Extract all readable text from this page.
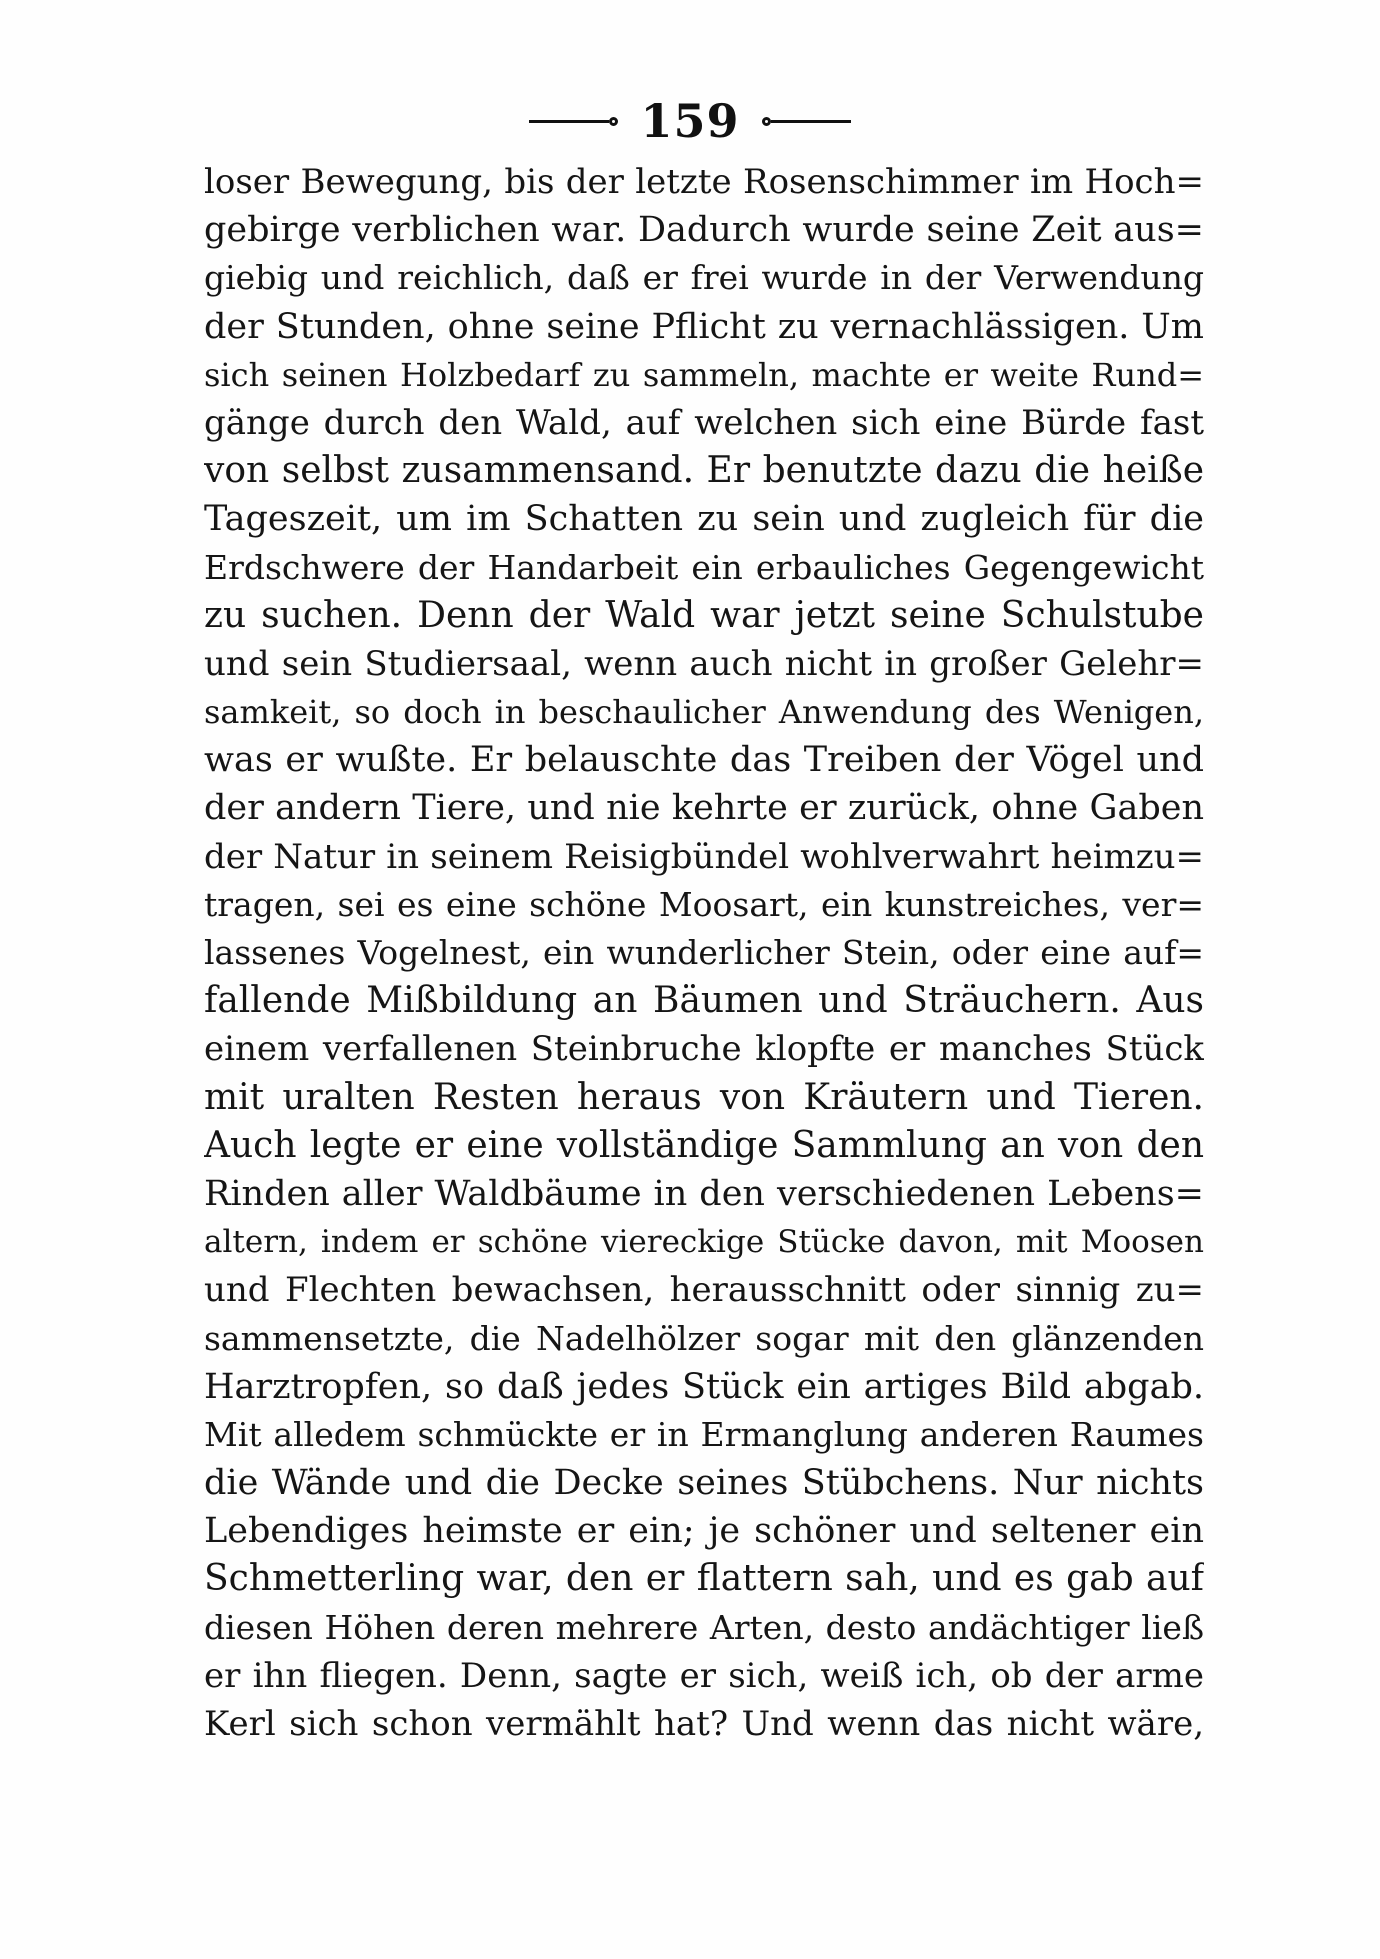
159
loser Bewegung, bis der letzte Rosenschimmer im Hoch=
gebirge verblichen war. Dadurch wurde seine Zeit aus=
giebig und reichlich, daß er frei wurde in der Verwendung
der Stunden, ohne seine Pflicht zu vernachlässigen. Um
sich seinen Holzbedarf zu sammeln, machte er weite Rund=
gänge durch den Wald, auf welchen sich eine Bürde fast
von selbst zusammensand. Er benutzte dazu die heiße
Tageszeit, um im Schatten zu sein und zugleich für die
Erdschwere der Handarbeit ein erbauliches Gegengewicht
zu suchen. Denn der Wald war jetzt seine Schulstube
und sein Studiersaal, wenn auch nicht in großer Gelehr=
samkeit, so doch in beschaulicher Anwendung des Wenigen,
was er wußte. Er belauschte das Treiben der Vögel und
der andern Tiere, und nie kehrte er zurück, ohne Gaben
der Natur in seinem Reisigbündel wohlverwahrt heimzu=
tragen, sei es eine schöne Moosart, ein kunstreiches, ver=
lassenes Vogelnest, ein wunderlicher Stein, oder eine auf=
fallende Mißbildung an Bäumen und Sträuchern. Aus
einem verfallenen Steinbruche klopfte er manches Stück
mit uralten Resten heraus von Kräutern und Tieren.
Auch legte er eine vollständige Sammlung an von den
Rinden aller Waldbäume in den verschiedenen Lebens=
altern, indem er schöne viereckige Stücke davon, mit Moosen
und Flechten bewachsen, herausschnitt oder sinnig zu=
sammensetzte, die Nadelhölzer sogar mit den glänzenden
Harztropfen, so daß jedes Stück ein artiges Bild abgab.
Mit alledem schmückte er in Ermanglung anderen Raumes
die Wände und die Decke seines Stübchens. Nur nichts
Lebendiges heimste er ein; je schöner und seltener ein
Schmetterling war, den er flattern sah, und es gab auf
diesen Höhen deren mehrere Arten, desto andächtiger ließ
er ihn fliegen. Denn, sagte er sich, weiß ich, ob der arme
Kerl sich schon vermählt hat? Und wenn das nicht wäre,
